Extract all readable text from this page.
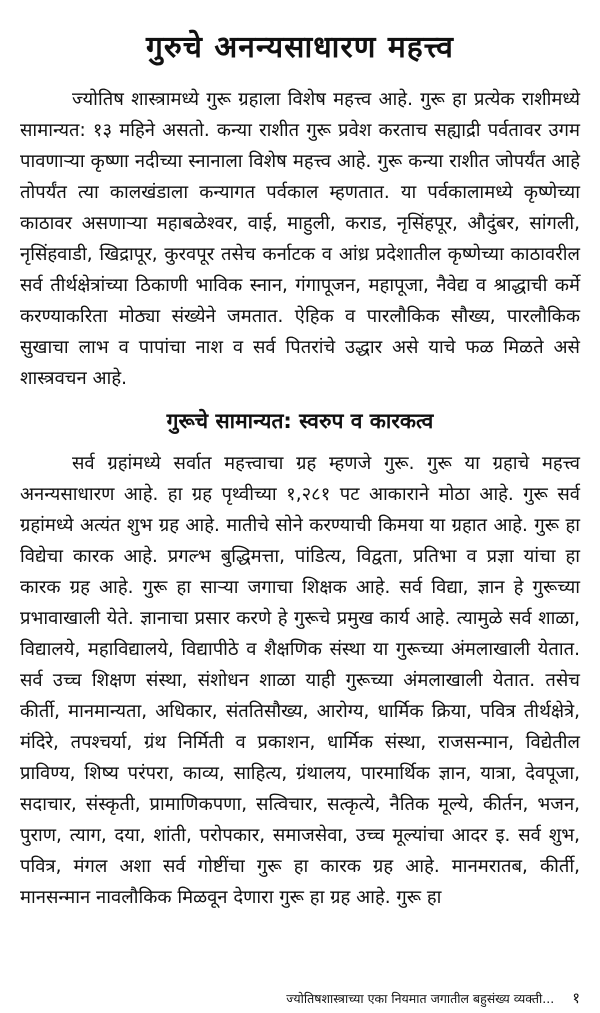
गुरुचे अनन्यसाधारण महत्त्व

ज्योतिष शास्त्रामध्ये गुरू ग्रहाला विशेष महत्त्व आहे. गुरू हा प्रत्येक राशीमध्ये सामान्यत: १३ महिने असतो. कन्या राशीत गुरू प्रवेश करताच सह्याद्री पर्वतावर उगम पावणाऱ्या कृष्णा नदीच्या स्नानाला विशेष महत्त्व आहे. गुरू कन्या राशीत जोपर्यंत आहे तोपर्यंत त्या कालखंडाला कन्यागत पर्वकाल म्हणतात. या पर्वकालामध्ये कृष्णेच्या काठावर असणाऱ्या महाबळेश्वर, वाई, माहुली, कराड, नृसिंहपूर, औदुंबर, सांगली, नृसिंहवाडी, खिद्रापूर, कुरवपूर तसेच कर्नाटक व आंध्र प्रदेशातील कृष्णेच्या काठावरील सर्व तीर्थक्षेत्रांच्या ठिकाणी भाविक स्नान, गंगापूजन, महापूजा, नैवेद्य व श्राद्धाची कर्मे करण्याकरिता मोठ्या संख्येने जमतात. ऐहिक व पारलौकिक सौख्य, पारलौकिक सुखाचा लाभ व पापांचा नाश व सर्व पितरांचे उद्धार असे याचे फळ मिळते असे शास्त्रवचन आहे.

गुरूचे सामान्यत: स्वरुप व कारकत्व

सर्व ग्रहांमध्ये सर्वात महत्त्वाचा ग्रह म्हणजे गुरू. गुरू या ग्रहाचे महत्त्व अनन्यसाधारण आहे. हा ग्रह पृथ्वीच्या १,२८१ पट आकाराने मोठा आहे. गुरू सर्व ग्रहांमध्ये अत्यंत शुभ ग्रह आहे. मातीचे सोने करण्याची किमया या ग्रहात आहे. गुरू हा विद्येचा कारक आहे. प्रगल्भ बुद्धिमत्ता, पांडित्य, विद्वता, प्रतिभा व प्रज्ञा यांचा हा कारक ग्रह आहे. गुरू हा साऱ्या जगाचा शिक्षक आहे. सर्व विद्या, ज्ञान हे गुरूच्या प्रभावाखाली येते. ज्ञानाचा प्रसार करणे हे गुरूचे प्रमुख कार्य आहे. त्यामुळे सर्व शाळा, विद्यालये, महाविद्यालये, विद्यापीठे व शैक्षणिक संस्था या गुरूच्या अंमलाखाली येतात. सर्व उच्च शिक्षण संस्था, संशोधन शाळा याही गुरूच्या अंमलाखाली येतात. तसेच कीर्ती, मानमान्यता, अधिकार, संततिसौख्य, आरोग्य, धार्मिक क्रिया, पवित्र तीर्थक्षेत्रे, मंदिरे, तपश्चर्या, ग्रंथ निर्मिती व प्रकाशन, धार्मिक संस्था, राजसन्मान, विद्येतील प्राविण्य, शिष्य परंपरा, काव्य, साहित्य, ग्रंथालय, पारमार्थिक ज्ञान, यात्रा, देवपूजा, सदाचार, संस्कृती, प्रामाणिकपणा, सत्विचार, सत्कृत्ये, नैतिक मूल्ये, कीर्तन, भजन, पुराण, त्याग, दया, शांती, परोपकार, समाजसेवा, उच्च मूल्यांचा आदर इ. सर्व शुभ, पवित्र, मंगल अशा सर्व गोष्टींचा गुरू हा कारक ग्रह आहे. मानमरातब, कीर्ती, मानसन्मान नावलौकिक मिळवून देणारा गुरू हा ग्रह आहे. गुरू हा

ज्योतिषशास्त्राच्या एका नियमात जगातील बहुसंख्य व्यक्ती... १
